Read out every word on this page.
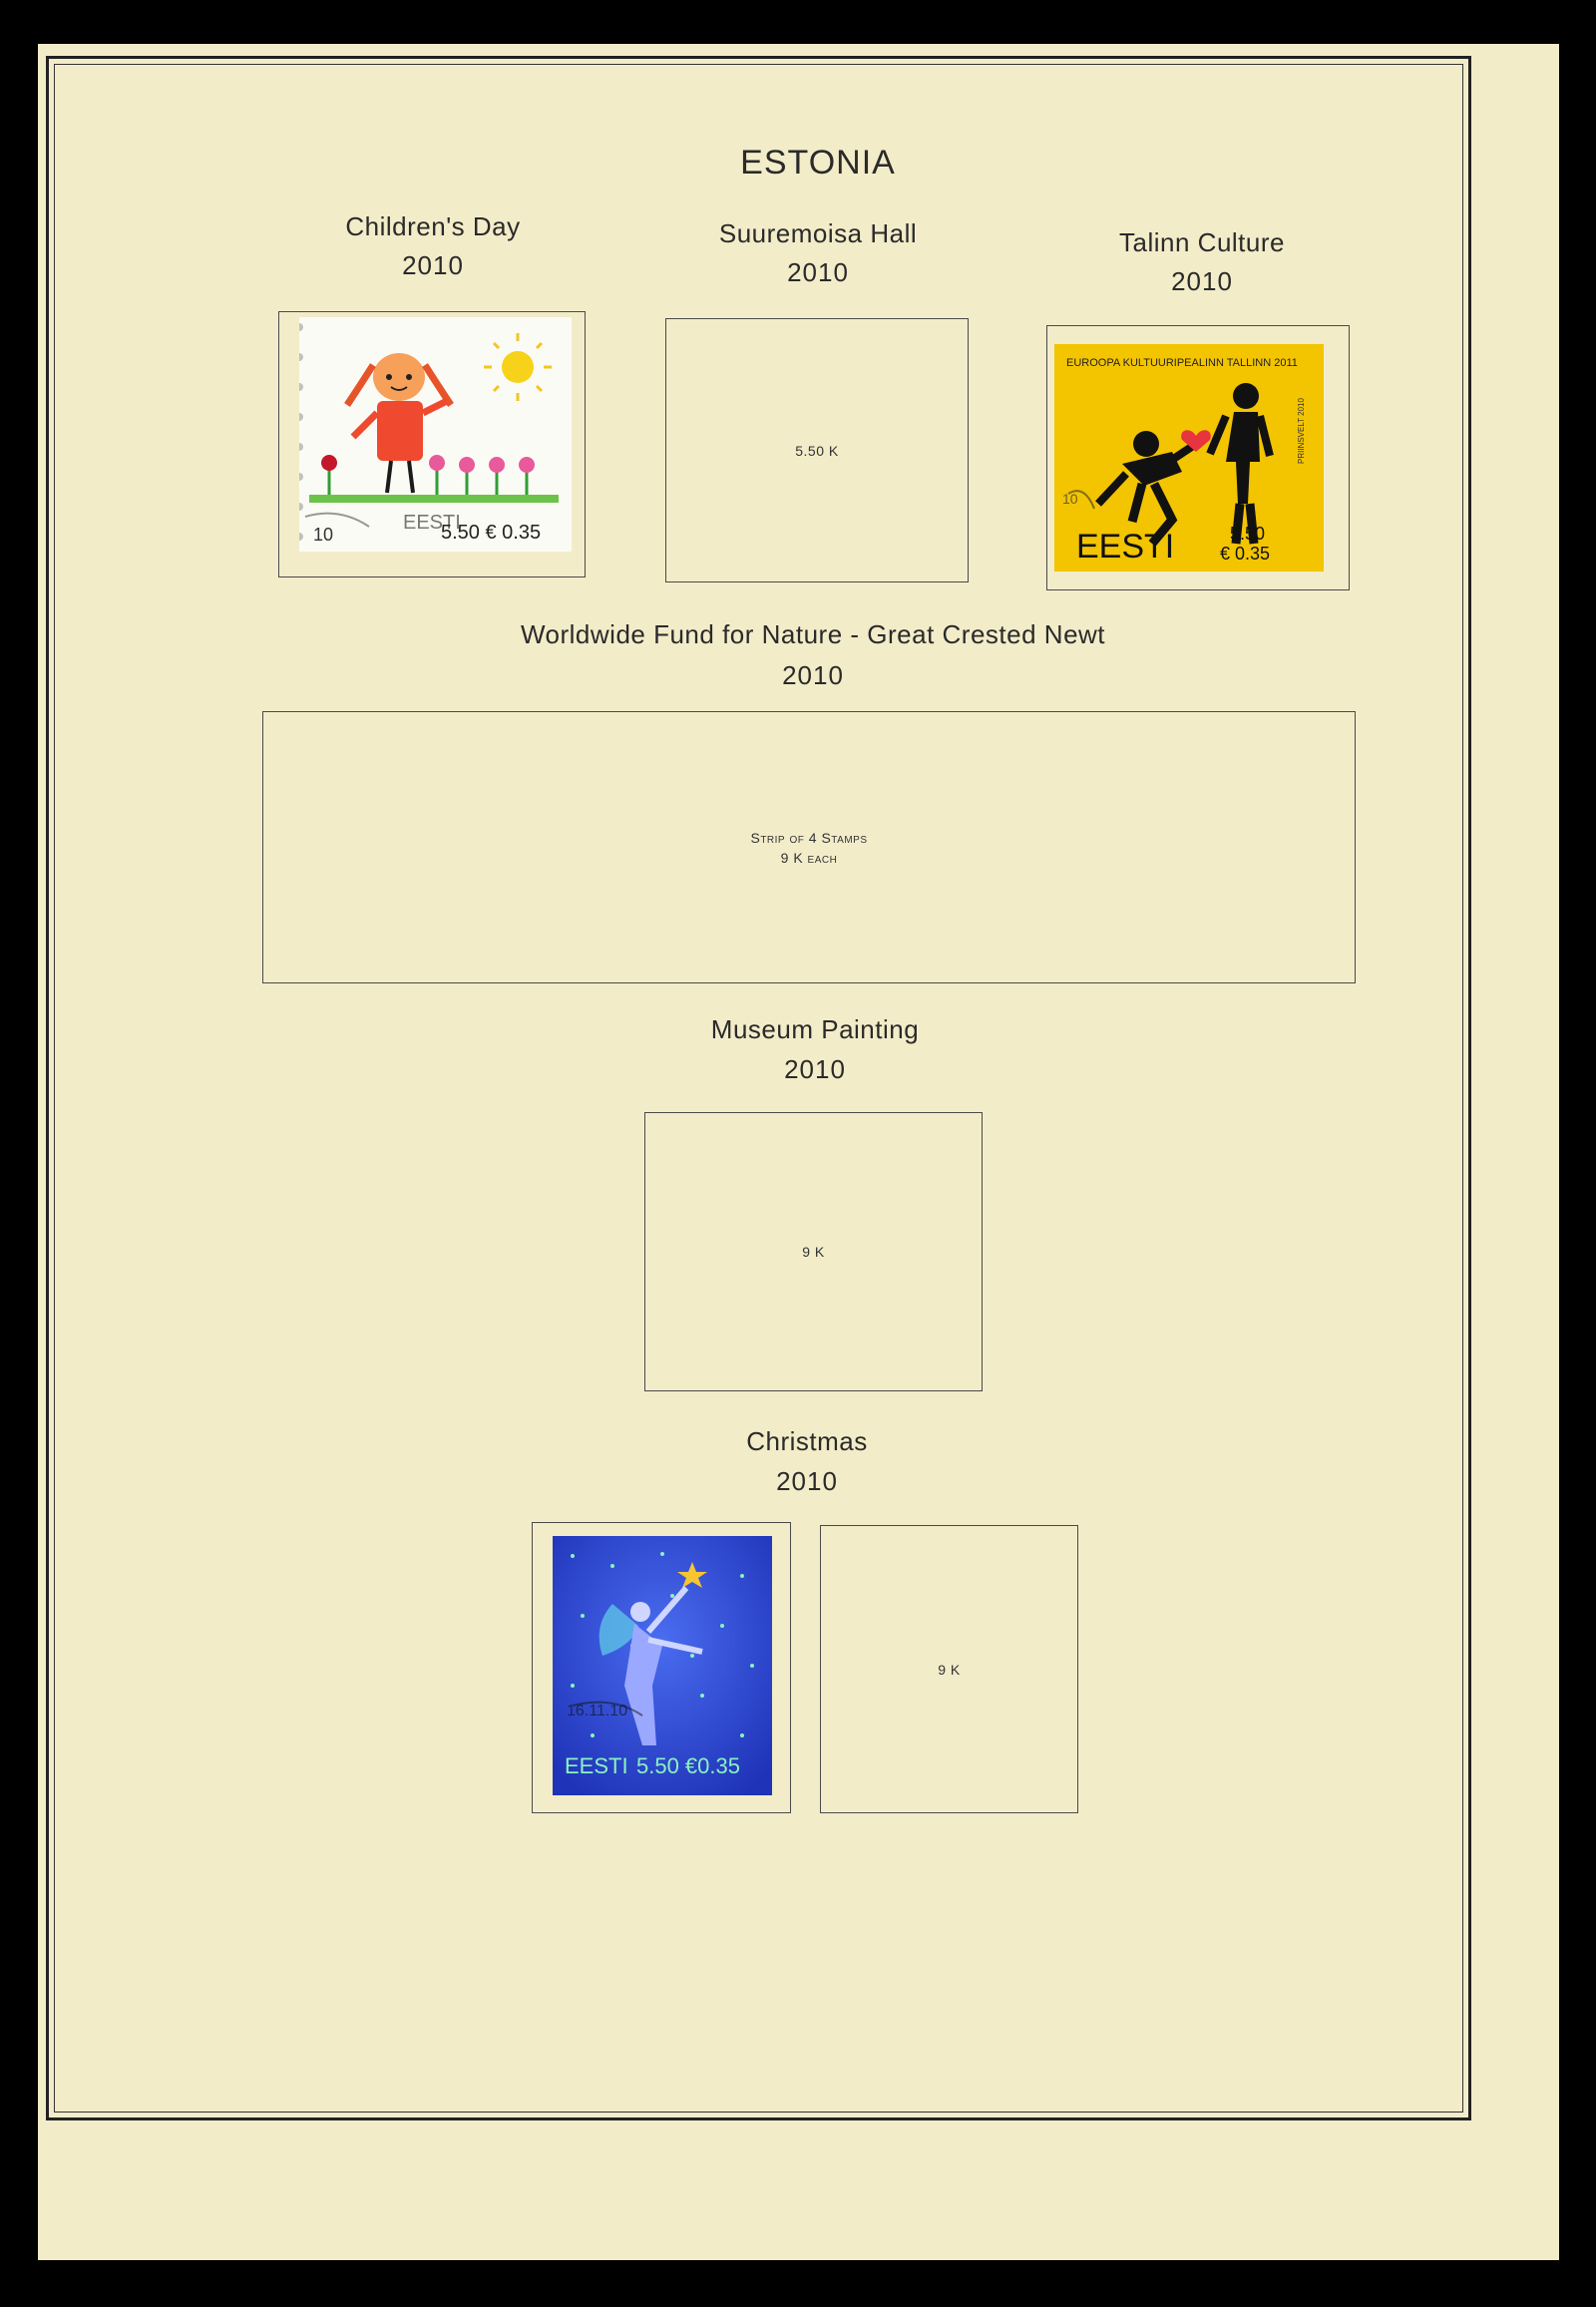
ESTONIA
Children's Day
2010
Suuremoisa Hall
2010
Talinn Culture
2010
10
EESTI
5.50 € 0.35
5.50 K
EUROOPA KULTUURIPEALINN TALLINN 2011
PRIINSVELT 2010
10
EESTI	5.50
€ 0.35
Worldwide Fund for Nature - Great Crested Newt
2010
Strip of 4 Stamps
9 K each
Museum Painting
2010
9 K
Christmas
2010
16.11.10
EESTI 5.50 €0.35
9 K
